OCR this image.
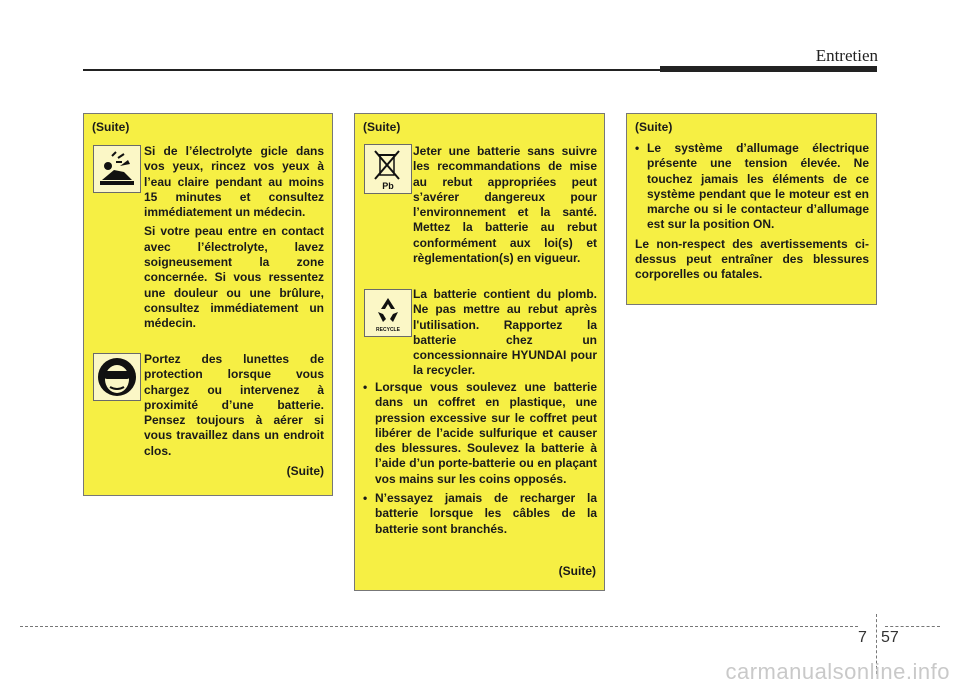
Entretien

(Suite)

Si de l’électrolyte gicle dans vos yeux, rincez vos yeux à l’eau claire pendant au moins 15 minutes et consultez immédiatement un médecin.

Si votre peau entre en contact avec l’électrolyte, lavez soigneusement la zone concernée. Si vous ressentez une douleur ou une brûlure, consultez immédiatement un médecin.

Portez des lunettes de protection lorsque vous chargez ou intervenez à proximité d’une batterie. Pensez toujours à aérer si vous travaillez dans un endroit clos.

(Suite)

(Suite)

Pb

Jeter une batterie sans suivre les recommandations de mise au rebut appropriées peut s’avérer dangereux pour l’environnement et la santé. Mettez la batterie au rebut conformément aux loi(s) et règlementation(s) en vigueur.

RECYCLE

La batterie contient du plomb. Ne pas mettre au rebut après l'utilisation. Rapportez la batterie chez un concessionnaire HYUNDAI pour la recycler.

• Lorsque vous soulevez une batterie dans un coffret en plastique, une pression excessive sur le coffret peut libérer de l’acide sulfurique et causer des blessures. Soulevez la batterie à l’aide d’un porte-batterie ou en plaçant vos mains sur les coins opposés.
• N’essayez jamais de recharger la batterie lorsque les câbles de la batterie sont branchés.

(Suite)

(Suite)

• Le système d’allumage électrique présente une tension élevée. Ne touchez jamais les éléments de ce système pendant que le moteur est en marche ou si le contacteur d’allumage est sur la position ON.

Le non-respect des avertissements ci-dessus peut entraîner des blessures corporelles ou fatales.

7 57
carmanualsonline.info
